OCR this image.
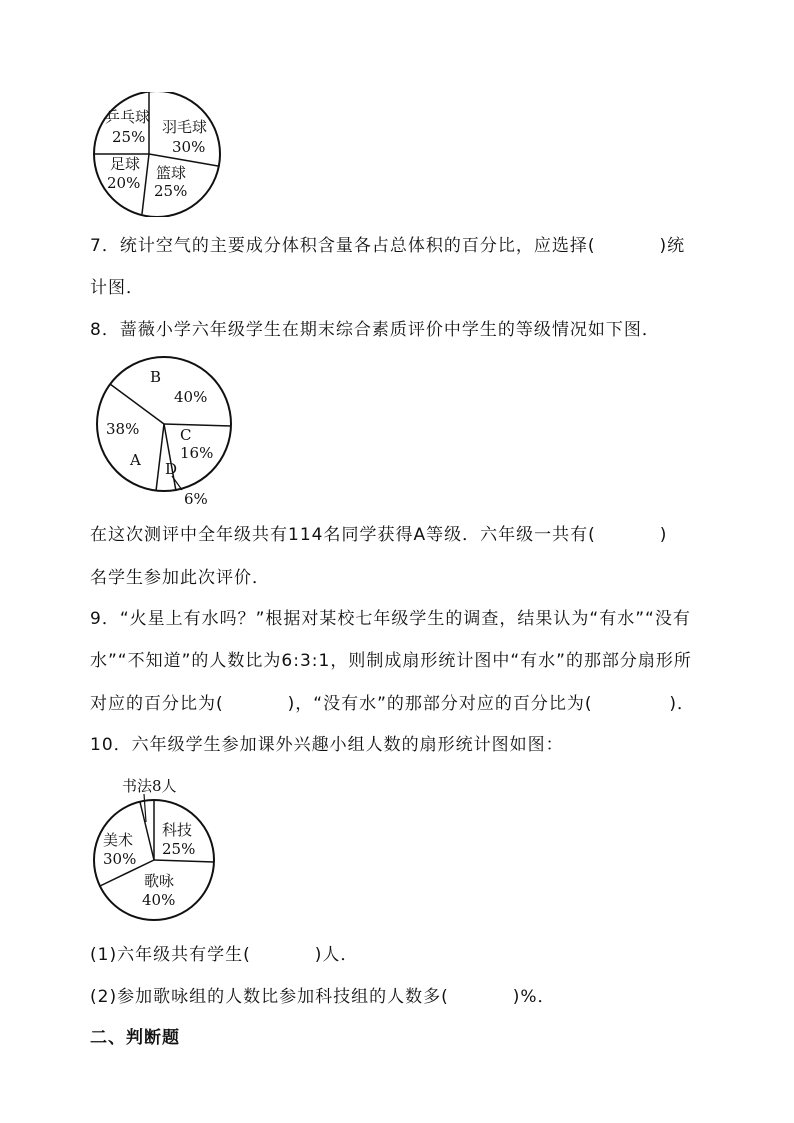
乒乓球
25%
羽毛球
30%
篮球
25%
足球
20%
7．统计空气的主要成分体积含量各占总体积的百分比，应选择(          )统
计图．
8．蔷薇小学六年级学生在期末综合素质评价中学生的等级情况如下图．
B
40%
C
16%
D
6%
A
38%
在这次测评中全年级共有114名同学获得A等级．六年级一共有(          )
名学生参加此次评价．
9．“火星上有水吗？”根据对某校七年级学生的调查，结果认为“有水”“没有
水”“不知道”的人数比为6:3:1，则制成扇形统计图中“有水”的那部分扇形所
对应的百分比为(          )，“没有水”的那部分对应的百分比为(            )．
10．六年级学生参加课外兴趣小组人数的扇形统计图如图：
书法8人
科技
25%
歌咏
40%
美术
30%
(1)六年级共有学生(          )人．
(2)参加歌咏组的人数比参加科技组的人数多(          )%．
二、判断题
